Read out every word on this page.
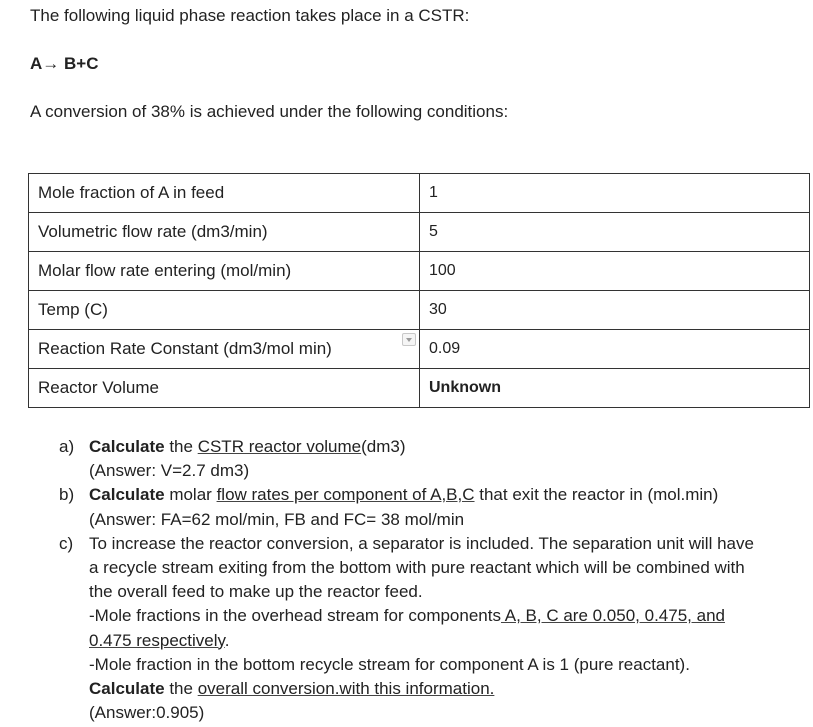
The following liquid phase reaction takes place in a CSTR:

A→ B+C

A conversion of 38% is achieved under the following conditions:

Mole fraction of A in feed	1
Volumetric flow rate (dm3/min)	5
Molar flow rate entering (mol/min)	100
Temp (C)	30
Reaction Rate Constant (dm3/mol min)	0.09
Reactor Volume	Unknown
a) Calculate the CSTR reactor volume(dm3)
(Answer: V=2.7 dm3)
b) Calculate molar flow rates per component of A,B,C that exit the reactor in (mol.min)
(Answer: FA=62 mol/min, FB and FC= 38 mol/min
c) To increase the reactor conversion, a separator is included. The separation unit will have
a recycle stream exiting from the bottom with pure reactant which will be combined with
the overall feed to make up the reactor feed.
-Mole fractions in the overhead stream for components A, B, C are 0.050, 0.475, and
0.475 respectively.
-Mole fraction in the bottom recycle stream for component A is 1 (pure reactant).
Calculate the overall conversion.with this information.
(Answer:0.905)
